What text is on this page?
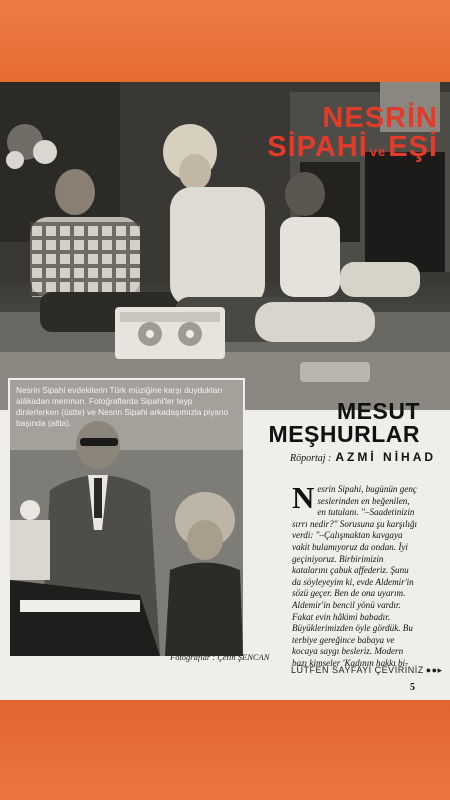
NESRİN
SİPAHİ veEŞİ
Nesrin Sipahi evdekilerin Türk müziğine karşı duydukları alâkadan memnun. Fotoğraflarda Sipahi'ler teyp dinlerlerken (üstte) ve Nesrin Sipahi arkadaşımızla piyano başında (altta).
Fotoğraflar : Çetin ŞENCAN
MESUT
MEŞHURLAR
Röportaj : AZMİ NİHAD
N esrin Sipahi, bugünün genç seslerinden en beğenilen, en tutulanı. "–Saadetinizin sırrı nedir?" Sorusuna şu karşılığı verdi: "–Çalışmaktan kavgaya vakit bulamıyoruz da ondan. İyi geçiniyoruz. Birbirimizin katalarını çabuk affederiz. Şunu da söyleyeyim ki, evde Aldemir'in sözü geçer. Ben de ona uyarım. Aldemir'in bencil yönü vardır. Fakat evin hâkimi babadır. Büyüklerimizden öyle gördük. Bu terbiye gereğince babaya ve kocaya saygı besleriz. Modern bazı kimseler 'Kadının hakkı bi-

LÜTFEN SAYFAYI ÇEVİRİNİZ ●●▸
5
